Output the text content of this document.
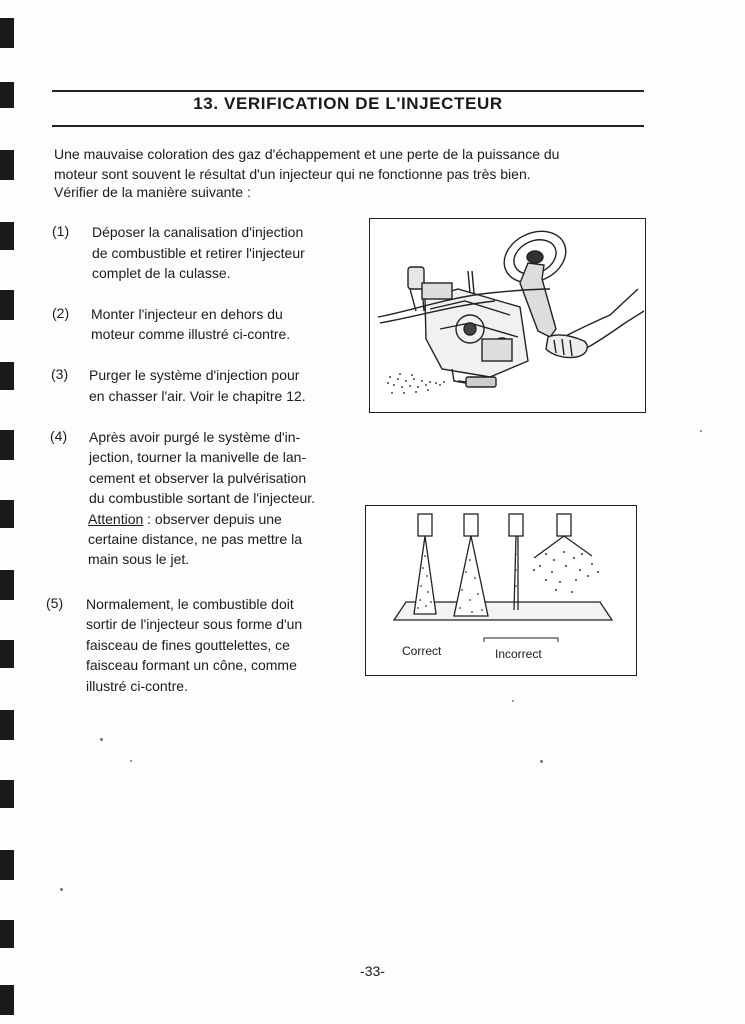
13. VERIFICATION DE L'INJECTEUR
Une mauvaise coloration des gaz d'échappement et une perte de la puissance du
moteur sont souvent le résultat d'un injecteur qui ne fonctionne pas très bien.
Vérifier de la manière suivante :
(1) Déposer la canalisation d'injection
de combustible et retirer l'injecteur
complet de la culasse.
(2) Monter l'injecteur en dehors du
moteur comme illustré ci-contre.
(3) Purger le système d'injection pour
en chasser l'air. Voir le chapitre 12.
(4) Après avoir purgé le système d'in-
jection, tourner la manivelle de lan-
cement et observer la pulvérisation
du combustible sortant de l'injecteur.
Attention : observer depuis une
certaine distance, ne pas mettre la
main sous le jet.
(5) Normalement, le combustible doit
sortir de l'injecteur sous forme d'un
faisceau de fines gouttelettes, ce
faisceau formant un cône, comme
illustré ci-contre.
Correct	Incorrect
-33-
